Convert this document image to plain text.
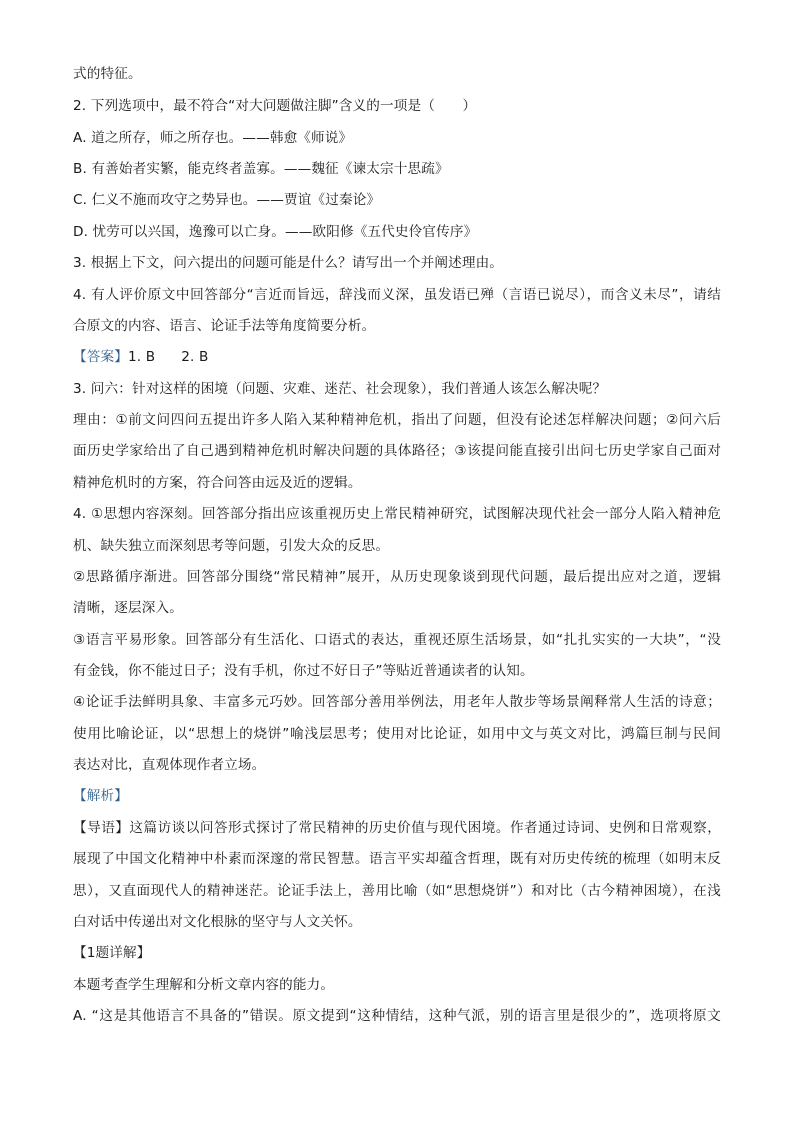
式的特征。
2. 下列选项中，最不符合“对大问题做注脚”含义的一项是（　　）
A. 道之所存，师之所存也。——韩愈《师说》
B. 有善始者实繁，能克终者盖寡。——魏征《谏太宗十思疏》
C. 仁义不施而攻守之势异也。——贾谊《过秦论》
D. 忧劳可以兴国，逸豫可以亡身。——欧阳修《五代史伶官传序》
3. 根据上下文，问六提出的问题可能是什么？请写出一个并阐述理由。
4. 有人评价原文中回答部分“言近而旨远，辞浅而义深，虽发语已殚（言语已说尽），而含义未尽”，请结
合原文的内容、语言、论证手法等角度简要分析。
【答案】1. B 2. B
3. 问六：针对这样的困境（问题、灾难、迷茫、社会现象），我们普通人该怎么解决呢？
理由：①前文问四问五提出许多人陷入某种精神危机，指出了问题，但没有论述怎样解决问题；②问六后
面历史学家给出了自己遇到精神危机时解决问题的具体路径；③该提问能直接引出问七历史学家自己面对
精神危机时的方案，符合问答由远及近的逻辑。
4. ①思想内容深刻。回答部分指出应该重视历史上常民精神研究，试图解决现代社会一部分人陷入精神危
机、缺失独立而深刻思考等问题，引发大众的反思。
②思路循序渐进。回答部分围绕“常民精神”展开，从历史现象谈到现代问题，最后提出应对之道，逻辑
清晰，逐层深入。
③语言平易形象。回答部分有生活化、口语式的表达，重视还原生活场景，如“扎扎实实的一大块”，“没
有金钱，你不能过日子；没有手机，你过不好日子”等贴近普通读者的认知。
④论证手法鲜明具象、丰富多元巧妙。回答部分善用举例法，用老年人散步等场景阐释常人生活的诗意；
使用比喻论证，以“思想上的烧饼”喻浅层思考；使用对比论证，如用中文与英文对比，鸿篇巨制与民间
表达对比，直观体现作者立场。
【解析】
【导语】这篇访谈以问答形式探讨了常民精神的历史价值与现代困境。作者通过诗词、史例和日常观察，
展现了中国文化精神中朴素而深邃的常民智慧。语言平实却蕴含哲理，既有对历史传统的梳理（如明末反
思），又直面现代人的精神迷茫。论证手法上，善用比喻（如“思想烧饼”）和对比（古今精神困境），在浅
白对话中传递出对文化根脉的坚守与人文关怀。
【1题详解】
本题考查学生理解和分析文章内容的能力。
A. “这是其他语言不具备的”错误。原文提到“这种情结，这种气派，别的语言里是很少的”，选项将原文
